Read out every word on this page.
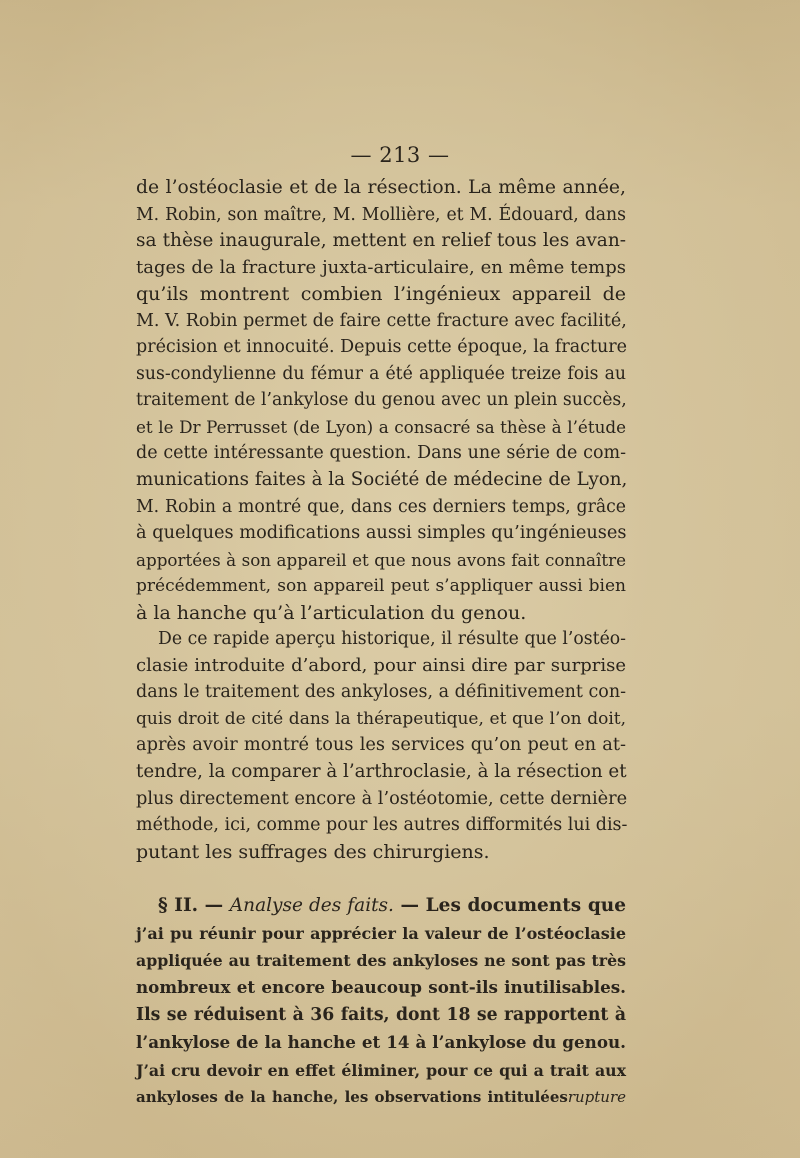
— 213 —
de l’ostéoclasie et de la résection. La même année,
M. Robin, son maître, M. Mollière, et M. Édouard, dans
sa thèse inaugurale, mettent en relief tous les avan-
tages de la fracture juxta-articulaire, en même temps
qu’ils montrent combien l’ingénieux appareil de
M. V. Robin permet de faire cette fracture avec facilité,
précision et innocuité. Depuis cette époque, la fracture
sus-condylienne du fémur a été appliquée treize fois au
traitement de l’ankylose du genou avec un plein succès,
et le Dr Perrusset (de Lyon) a consacré sa thèse à l’étude
de cette intéressante question. Dans une série de com-
munications faites à la Société de médecine de Lyon,
M. Robin a montré que, dans ces derniers temps, grâce
à quelques modifications aussi simples qu’ingénieuses
apportées à son appareil et que nous avons fait connaître
précédemment, son appareil peut s’appliquer aussi bien
à la hanche qu’à l’articulation du genou.
De ce rapide aperçu historique, il résulte que l’ostéo-
clasie introduite d’abord, pour ainsi dire par surprise
dans le traitement des ankyloses, a définitivement con-
quis droit de cité dans la thérapeutique, et que l’on doit,
après avoir montré tous les services qu’on peut en at-
tendre, la comparer à l’arthroclasie, à la résection et
plus directement encore à l’ostéotomie, cette dernière
méthode, ici, comme pour les autres difformités lui dis-
putant les suffrages des chirurgiens.
§ II. — Analyse des faits. — Les documents que
j’ai pu réunir pour apprécier la valeur de l’ostéoclasie
appliquée au traitement des ankyloses ne sont pas très
nombreux et encore beaucoup sont-ils inutilisables.
Ils se réduisent à 36 faits, dont 18 se rapportent à
l’ankylose de la hanche et 14 à l’ankylose du genou.
J’ai cru devoir en effet éliminer, pour ce qui a trait aux
ankyloses de la hanche, les observations intituléesrupture
